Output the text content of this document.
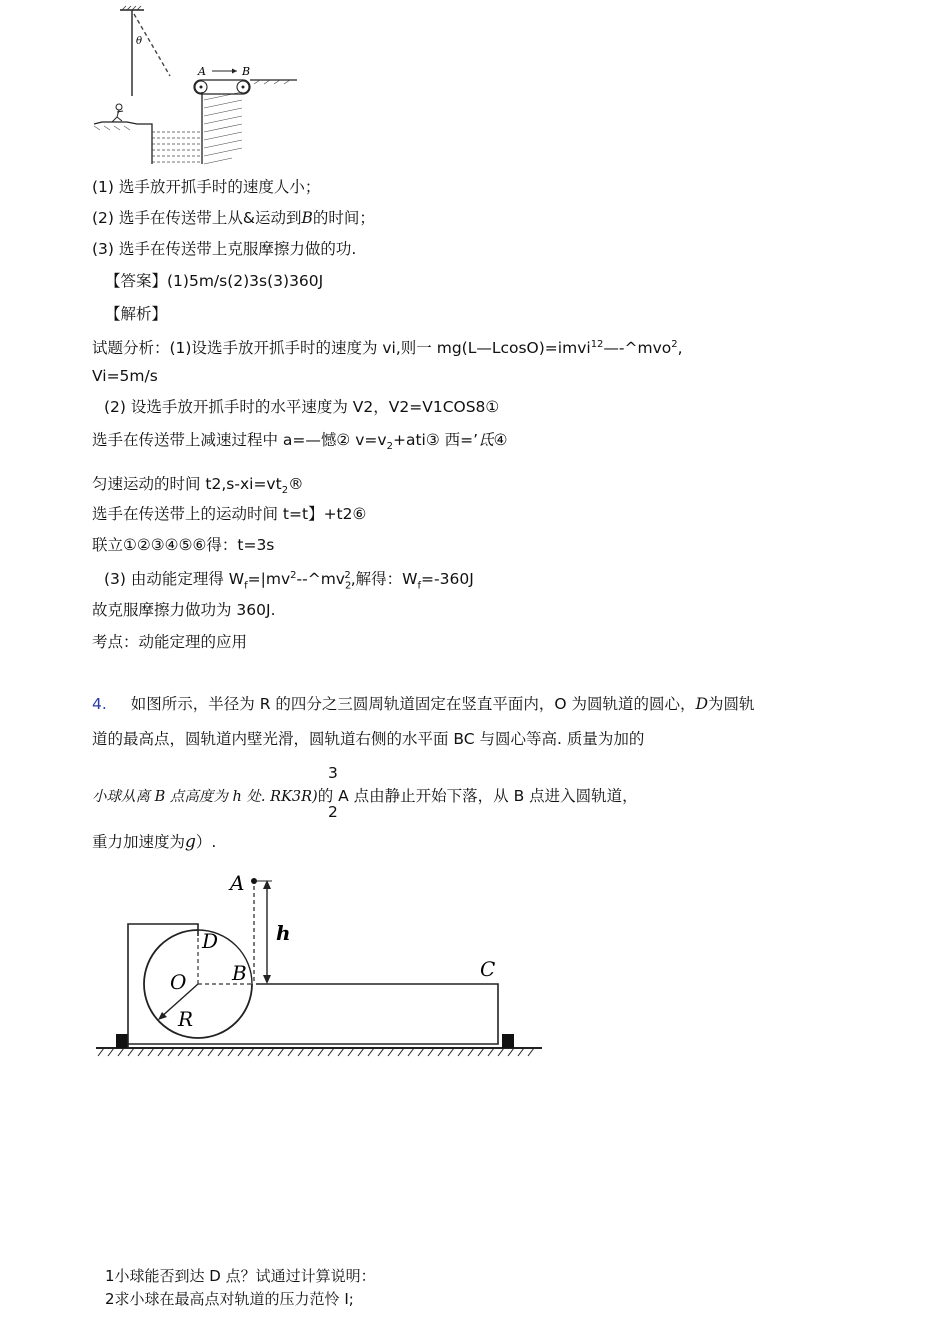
θ
A	B
(1) 选手放开抓手时的速度人小；
(2) 选手在传送带上从&运动到B的时间；
(3) 选手在传送带上克服摩擦力做的功.
【答案】(1)5m/s(2)3s(3)360J
【解析】
试题分析：(1)设选手放开抓手时的速度为 vi,则一 mg(L—LcosO)=imvi$^{12}$—-^mvo$^2$,
Vi=5m/s
(2) 设选手放开抓手时的水平速度为 V2，V2=V1COS8①
选手在传送带上减速过程中 a=—憾② $v=v_2+ati③$ 西=’氐④
匀速运动的时间 $t2,s-xi=vt_2®$
选手在传送带上的运动时间 t=t】+t2⑥
联立①②③④⑤⑥得：t=3s
(3) 由动能定理得 $W_f=|mv^2--\^{}mv_2^2$,解得：$W_f=-360J$
故克服摩擦力做功为 360J.
考点：动能定理的应用
4. 如图所示，半径为 R 的四分之三圆周轨道固定在竖直平面内，O 为圆轨道的圆心，D为圆轨
道的最高点，圆轨道内壁光滑，圆轨道右侧的水平面 BC 与圆心等高. 质量为加的
3
小球从离 B 点高度为 h 处. RK3R)的 A 点由静止开始下落，从 B 点进入圆轨道，
2
重力加速度为g）.
A
D	h
O B	C
R
1小球能否到达 D 点？试通过计算说明：
2求小球在最高点对轨道的压力范怜 I;
